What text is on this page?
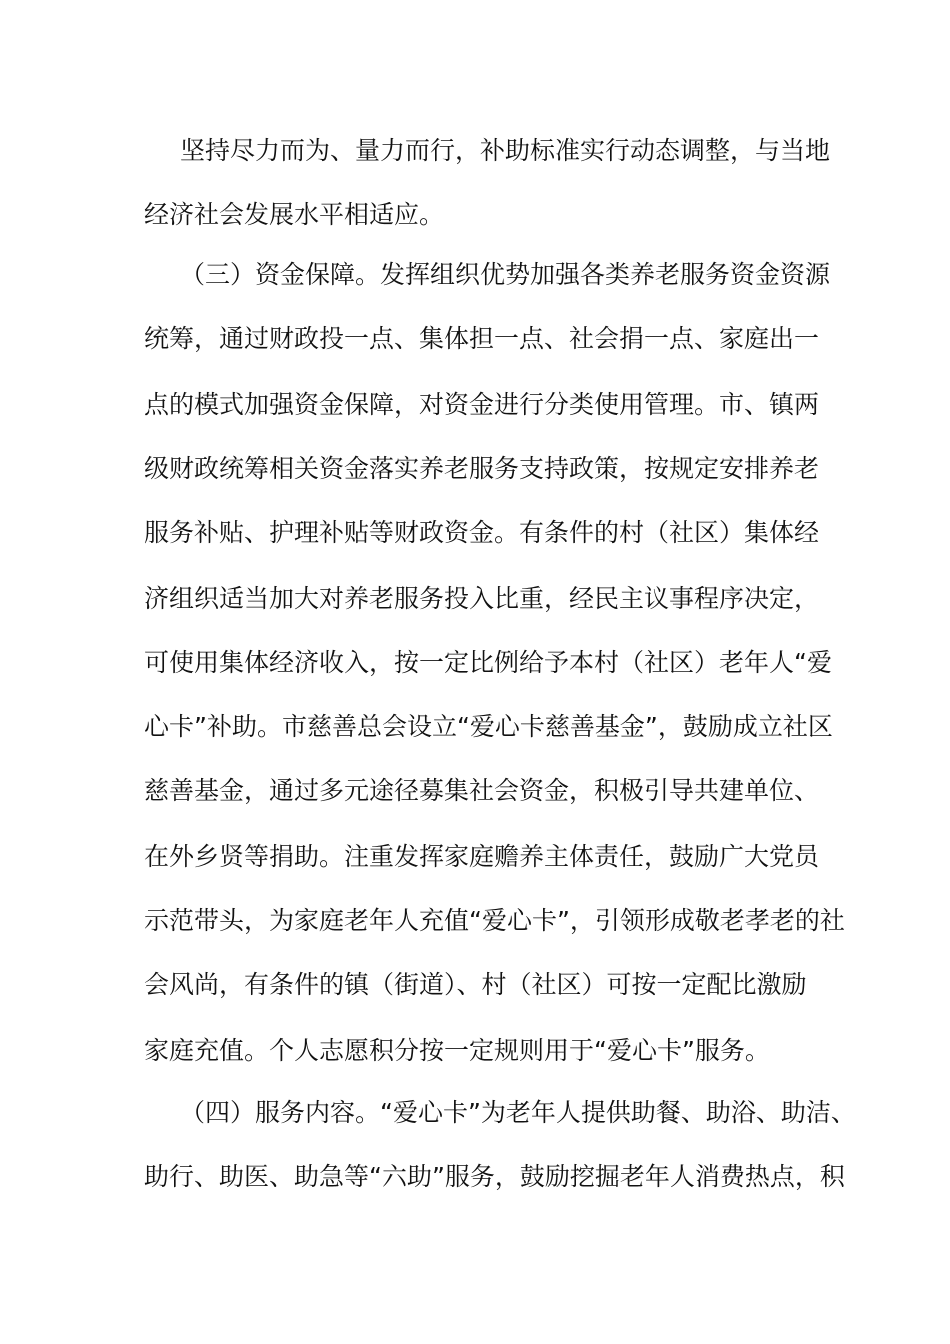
坚持尽力而为、量力而行，补助标准实行动态调整，与当地

经济社会发展水平相适应。

（三）资金保障。发挥组织优势加强各类养老服务资金资源

统筹，通过财政投一点、集体担一点、社会捐一点、家庭出一

点的模式加强资金保障，对资金进行分类使用管理。市、镇两

级财政统筹相关资金落实养老服务支持政策，按规定安排养老

服务补贴、护理补贴等财政资金。有条件的村（社区）集体经

济组织适当加大对养老服务投入比重，经民主议事程序决定，

可使用集体经济收入，按一定比例给予本村（社区）老年人“爱

心卡”补助。市慈善总会设立“爱心卡慈善基金”，鼓励成立社区

慈善基金，通过多元途径募集社会资金，积极引导共建单位、

在外乡贤等捐助。注重发挥家庭赡养主体责任，鼓励广大党员

示范带头，为家庭老年人充值“爱心卡”，引领形成敬老孝老的社

会风尚，有条件的镇（街道）、村（社区）可按一定配比激励

家庭充值。个人志愿积分按一定规则用于“爱心卡”服务。

（四）服务内容。“爱心卡”为老年人提供助餐、助浴、助洁、

助行、助医、助急等“六助”服务，鼓励挖掘老年人消费热点，积
